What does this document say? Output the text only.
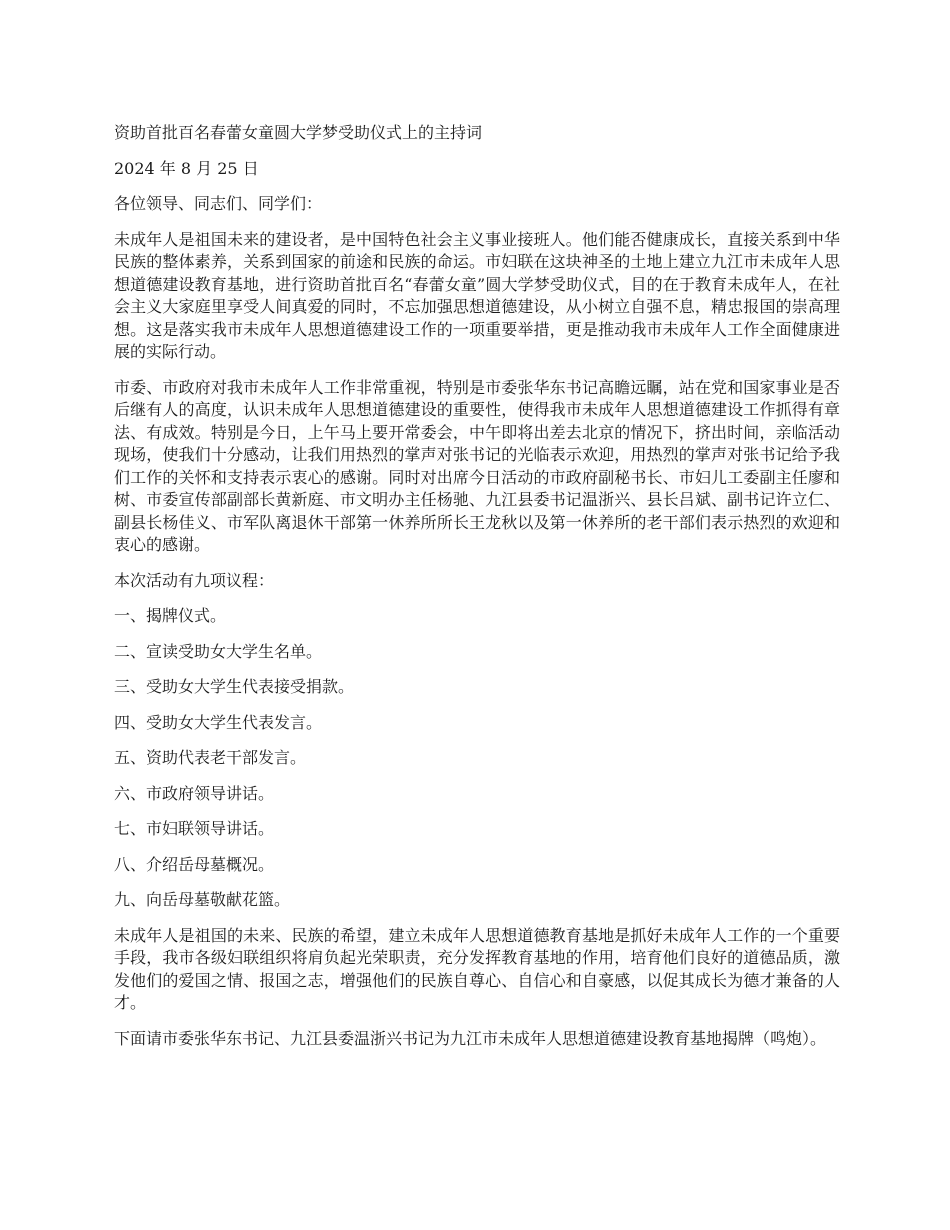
资助首批百名春蕾女童圆大学梦受助仪式上的主持词

2024 年 8 月 25 日

各位领导、同志们、同学们：

未成年人是祖国未来的建设者，是中国特色社会主义事业接班人。他们能否健康成长，直接关系到中华民族的整体素养，关系到国家的前途和民族的命运。市妇联在这块神圣的土地上建立九江市未成年人思想道德建设教育基地，进行资助首批百名“春蕾女童”圆大学梦受助仪式，目的在于教育未成年人，在社会主义大家庭里享受人间真爱的同时，不忘加强思想道德建设，从小树立自强不息，精忠报国的崇高理想。这是落实我市未成年人思想道德建设工作的一项重要举措，更是推动我市未成年人工作全面健康进展的实际行动。

市委、市政府对我市未成年人工作非常重视，特别是市委张华东书记高瞻远瞩，站在党和国家事业是否后继有人的高度，认识未成年人思想道德建设的重要性，使得我市未成年人思想道德建设工作抓得有章法、有成效。特别是今日，上午马上要开常委会，中午即将出差去北京的情况下，挤出时间，亲临活动现场，使我们十分感动，让我们用热烈的掌声对张书记的光临表示欢迎，用热烈的掌声对张书记给予我们工作的关怀和支持表示衷心的感谢。同时对出席今日活动的市政府副秘书长、市妇儿工委副主任廖和树、市委宣传部副部长黄新庭、市文明办主任杨驰、九江县委书记温浙兴、县长吕斌、副书记许立仁、副县长杨佳义、市军队离退休干部第一休养所所长王龙秋以及第一休养所的老干部们表示热烈的欢迎和衷心的感谢。

本次活动有九项议程：

一、揭牌仪式。

二、宣读受助女大学生名单。

三、受助女大学生代表接受捐款。

四、受助女大学生代表发言。

五、资助代表老干部发言。

六、市政府领导讲话。

七、市妇联领导讲话。

八、介绍岳母墓概况。

九、向岳母墓敬献花篮。

未成年人是祖国的未来、民族的希望，建立未成年人思想道德教育基地是抓好未成年人工作的一个重要手段，我市各级妇联组织将肩负起光荣职责，充分发挥教育基地的作用，培育他们良好的道德品质，激发他们的爱国之情、报国之志，增强他们的民族自尊心、自信心和自豪感，以促其成长为德才兼备的人才。

下面请市委张华东书记、九江县委温浙兴书记为九江市未成年人思想道德建设教育基地揭牌（鸣炮）。
